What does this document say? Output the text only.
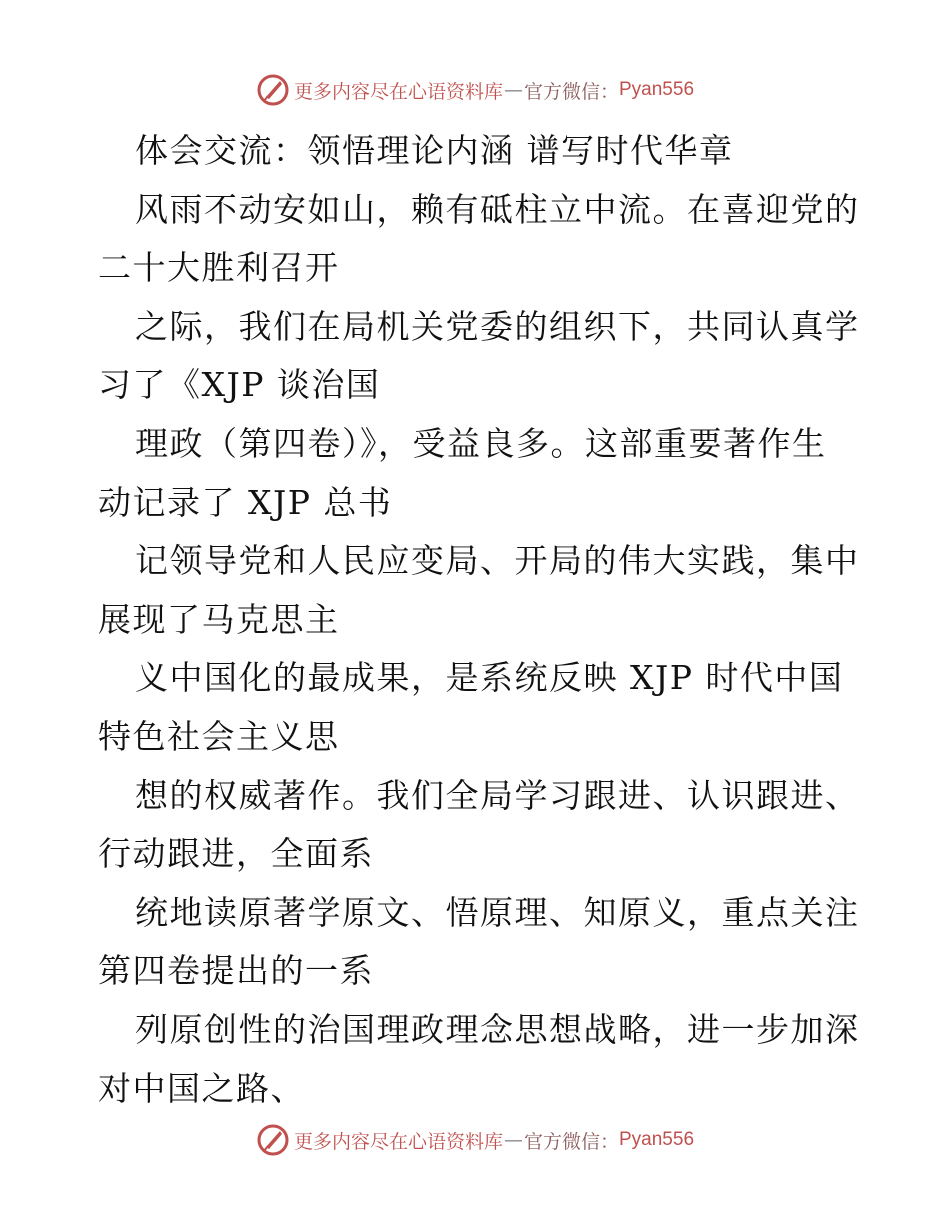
更多内容尽在心语资料库 — 官方微信： Pyan556
体会交流：领悟理论内涵 谱写时代华章
风雨不动安如山，赖有砥柱立中流。在喜迎党的
二十大胜利召开
之际，我们在局机关党委的组织下，共同认真学
习了《XJP 谈治国
理政（第四卷）》，受益良多。这部重要著作生
动记录了 XJP 总书
记领导党和人民应变局、开局的伟大实践，集中
展现了马克思主
义中国化的最成果，是系统反映 XJP 时代中国
特色社会主义思
想的权威著作。我们全局学习跟进、认识跟进、
行动跟进，全面系
统地读原著学原文、悟原理、知原义，重点关注
第四卷提出的一系
列原创性的治国理政理念思想战略，进一步加深
对中国之路、
更多内容尽在心语资料库 — 官方微信： Pyan556
